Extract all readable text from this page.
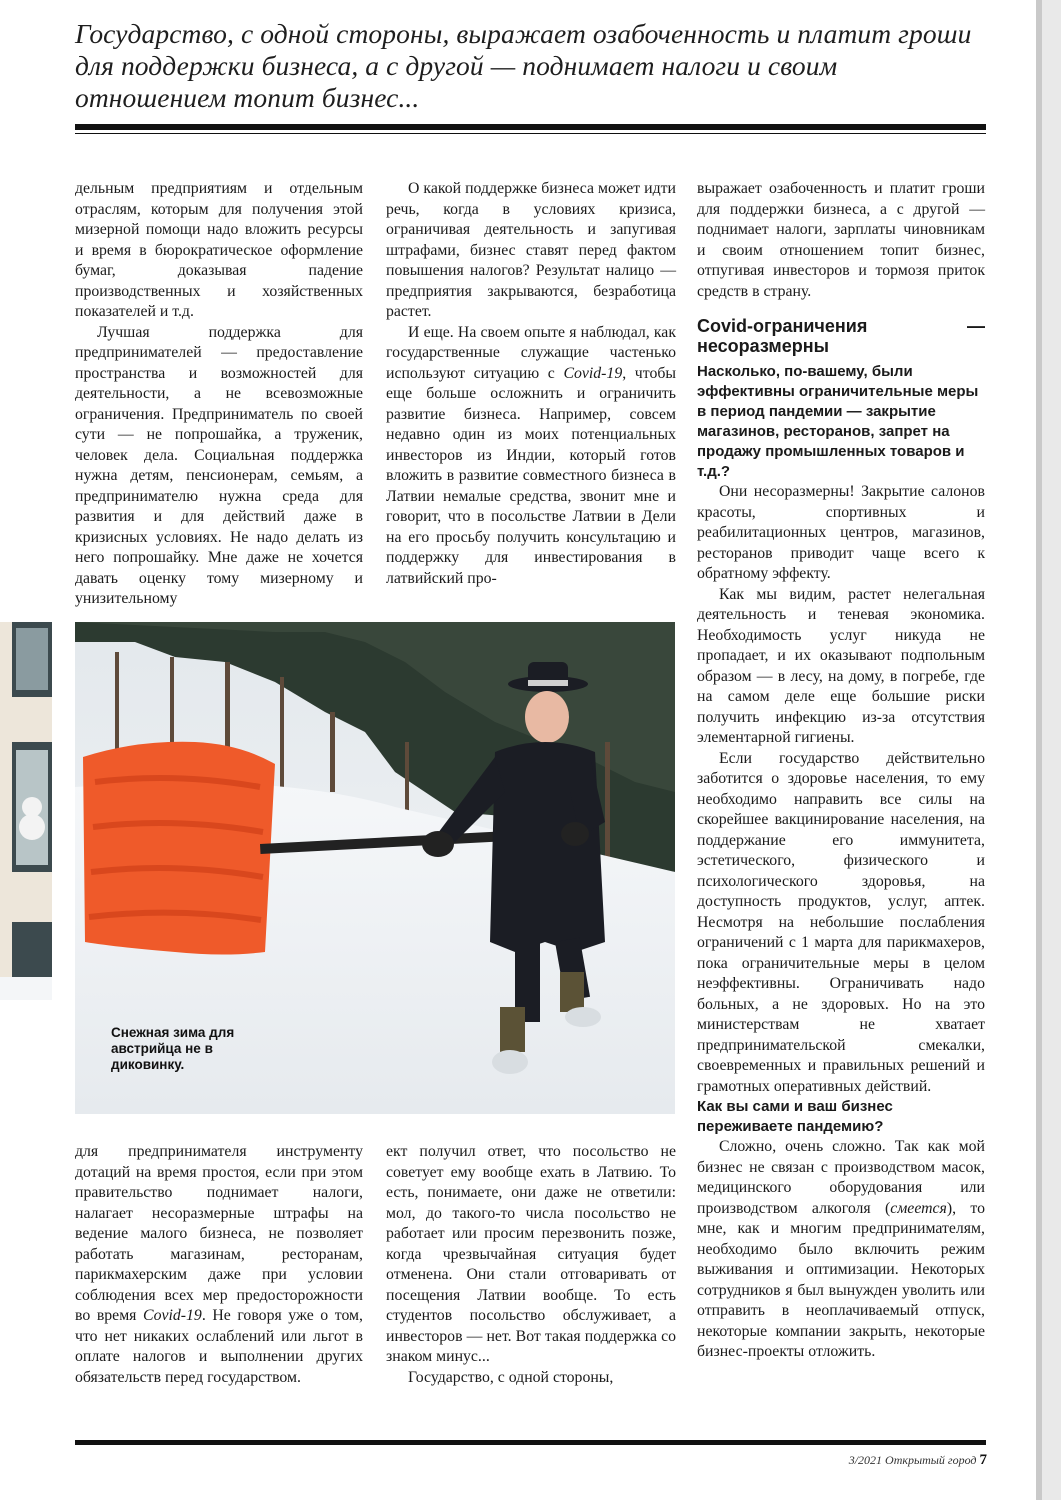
Государство, с одной стороны, выражает озабоченность и платит гроши для поддержки бизнеса, а с другой — поднимает налоги и своим отношением топит бизнес...

дельным предприятиям и отдельным отраслям, которым для получения этой мизерной помощи надо вложить ресурсы и время в бюрократическое оформление бумаг, доказывая падение производственных и хозяйственных показателей и т.д.

Лучшая поддержка для предпринимателей — предоставление пространства и возможностей для деятельности, а не всевозможные ограничения. Предприниматель по своей сути — не попрошайка, а труженик, человек дела. Социальная поддержка нужна детям, пенсионерам, семьям, а предпринимателю нужна среда для развития и для действий даже в кризисных условиях. Не надо делать из него попрошайку. Мне даже не хочется давать оценку тому мизерному и унизительному

О какой поддержке бизнеса может идти речь, когда в условиях кризиса, ограничивая деятельность и запугивая штрафами, бизнес ставят перед фактом повышения налогов? Результат налицо — предприятия закрываются, безработица растет.

И еще. На своем опыте я наблюдал, как государственные служащие частенько используют ситуацию с Covid-19, чтобы еще больше осложнить и ограничить развитие бизнеса. Например, совсем недавно один из моих потенциальных инвесторов из Индии, который готов вложить в развитие совместного бизнеса в Латвии немалые средства, звонит мне и говорит, что в посольстве Латвии в Дели на его просьбу получить консультацию и поддержку для инвестирования в латвийский про-

выражает озабоченность и платит гроши для поддержки бизнеса, а с другой — поднимает налоги, зарплаты чиновникам и своим отношением топит бизнес, отпугивая инвесторов и тормозя приток средств в страну.

Covid-ограничения — несоразмерны

Насколько, по-вашему, были эффективны ограничительные меры в период пандемии — закрытие магазинов, ресторанов, запрет на продажу промышленных товаров и т.д.?

Они несоразмерны! Закрытие салонов красоты, спортивных и реабилитационных центров, магазинов, ресторанов приводит чаще всего к обратному эффекту.

Как мы видим, растет нелегальная деятельность и теневая экономика. Необходимость услуг никуда не пропадает, и их оказывают подпольным образом — в лесу, на дому, в погребе, где на самом деле еще большие риски получить инфекцию из-за отсутствия элементарной гигиены.

Если государство действительно заботится о здоровье населения, то ему необходимо направить все силы на скорейшее вакцинирование населения, на поддержание его иммунитета, эстетического, физического и психологического здоровья, на доступность продуктов, услуг, аптек. Несмотря на небольшие послабления ограничений с 1 марта для парикмахеров, пока ограничительные меры в целом неэффективны. Ограничивать надо больных, а не здоровых. Но на это министерствам не хватает предпринимательской смекалки, своевременных и правильных решений и грамотных оперативных действий.

Как вы сами и ваш бизнес переживаете пандемию?

Сложно, очень сложно. Так как мой бизнес не связан с производством масок, медицинского оборудования или производством алкоголя (смеется), то мне, как и многим предпринимателям, необходимо было включить режим выживания и оптимизации. Некоторых сотрудников я был вынужден уволить или отправить в неоплачиваемый отпуск, некоторые компании закрыть, некоторые бизнес-проекты отложить.

Снежная зима для австрийца не в диковинку.

для предпринимателя инструменту дотаций на время простоя, если при этом правительство поднимает налоги, налагает несоразмерные штрафы на ведение малого бизнеса, не позволяет работать магазинам, ресторанам, парикмахерским даже при условии соблюдения всех мер предосторожности во время Covid-19. Не говоря уже о том, что нет никаких ослаблений или льгот в оплате налогов и выполнении других обязательств перед государством.

ект получил ответ, что посольство не советует ему вообще ехать в Латвию. То есть, понимаете, они даже не ответили: мол, до такого-то числа посольство не работает или просим перезвонить позже, когда чрезвычайная ситуация будет отменена. Они стали отговаривать от посещения Латвии вообще. То есть студентов посольство обслуживает, а инвесторов — нет. Вот такая поддержка со знаком минус...

Государство, с одной стороны,

3/2021 Открытый город 7
